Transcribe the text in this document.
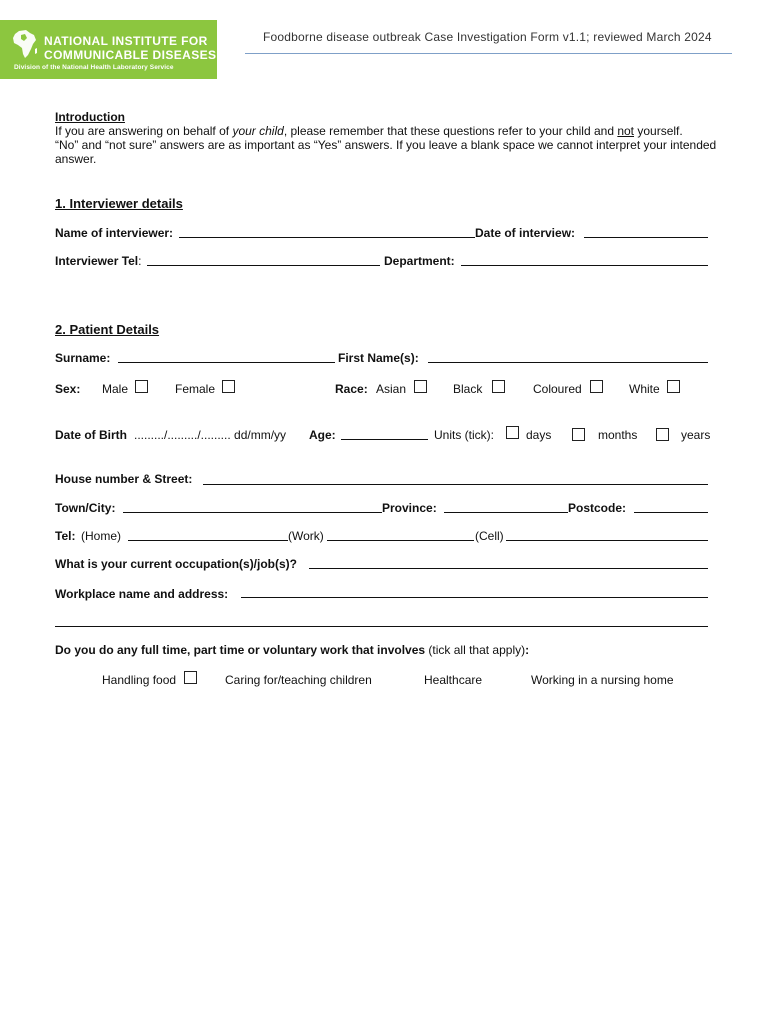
NATIONAL INSTITUTE FOR
COMMUNICABLE DISEASES
Division of the National Health Laboratory Service
Foodborne disease outbreak Case Investigation Form v1.1; reviewed March 2024
Introduction
If you are answering on behalf of your child, please remember that these questions refer to your child and not yourself.
“No” and “not sure” answers are as important as “Yes” answers. If you leave a blank space we cannot interpret your intended answer.
1. Interviewer details
Name of interviewer:	Date of interview:
Interviewer Tel:	Department:
2. Patient Details
Surname:	First Name(s):
Sex: Male	Female	Race: Asian	Black	Coloured	White
Date of Birth ........./........./......... dd/mm/yy Age:	Units (tick):	days	months	years
House number & Street:
Town/City:	Province:	Postcode:
Tel: (Home)	(Work)	(Cell)
What is your current occupation(s)/job(s)?
Workplace name and address:
Do you do any full time, part time or voluntary work that involves (tick all that apply):
Handling food	Caring for/teaching children	Healthcare	Working in a nursing home
